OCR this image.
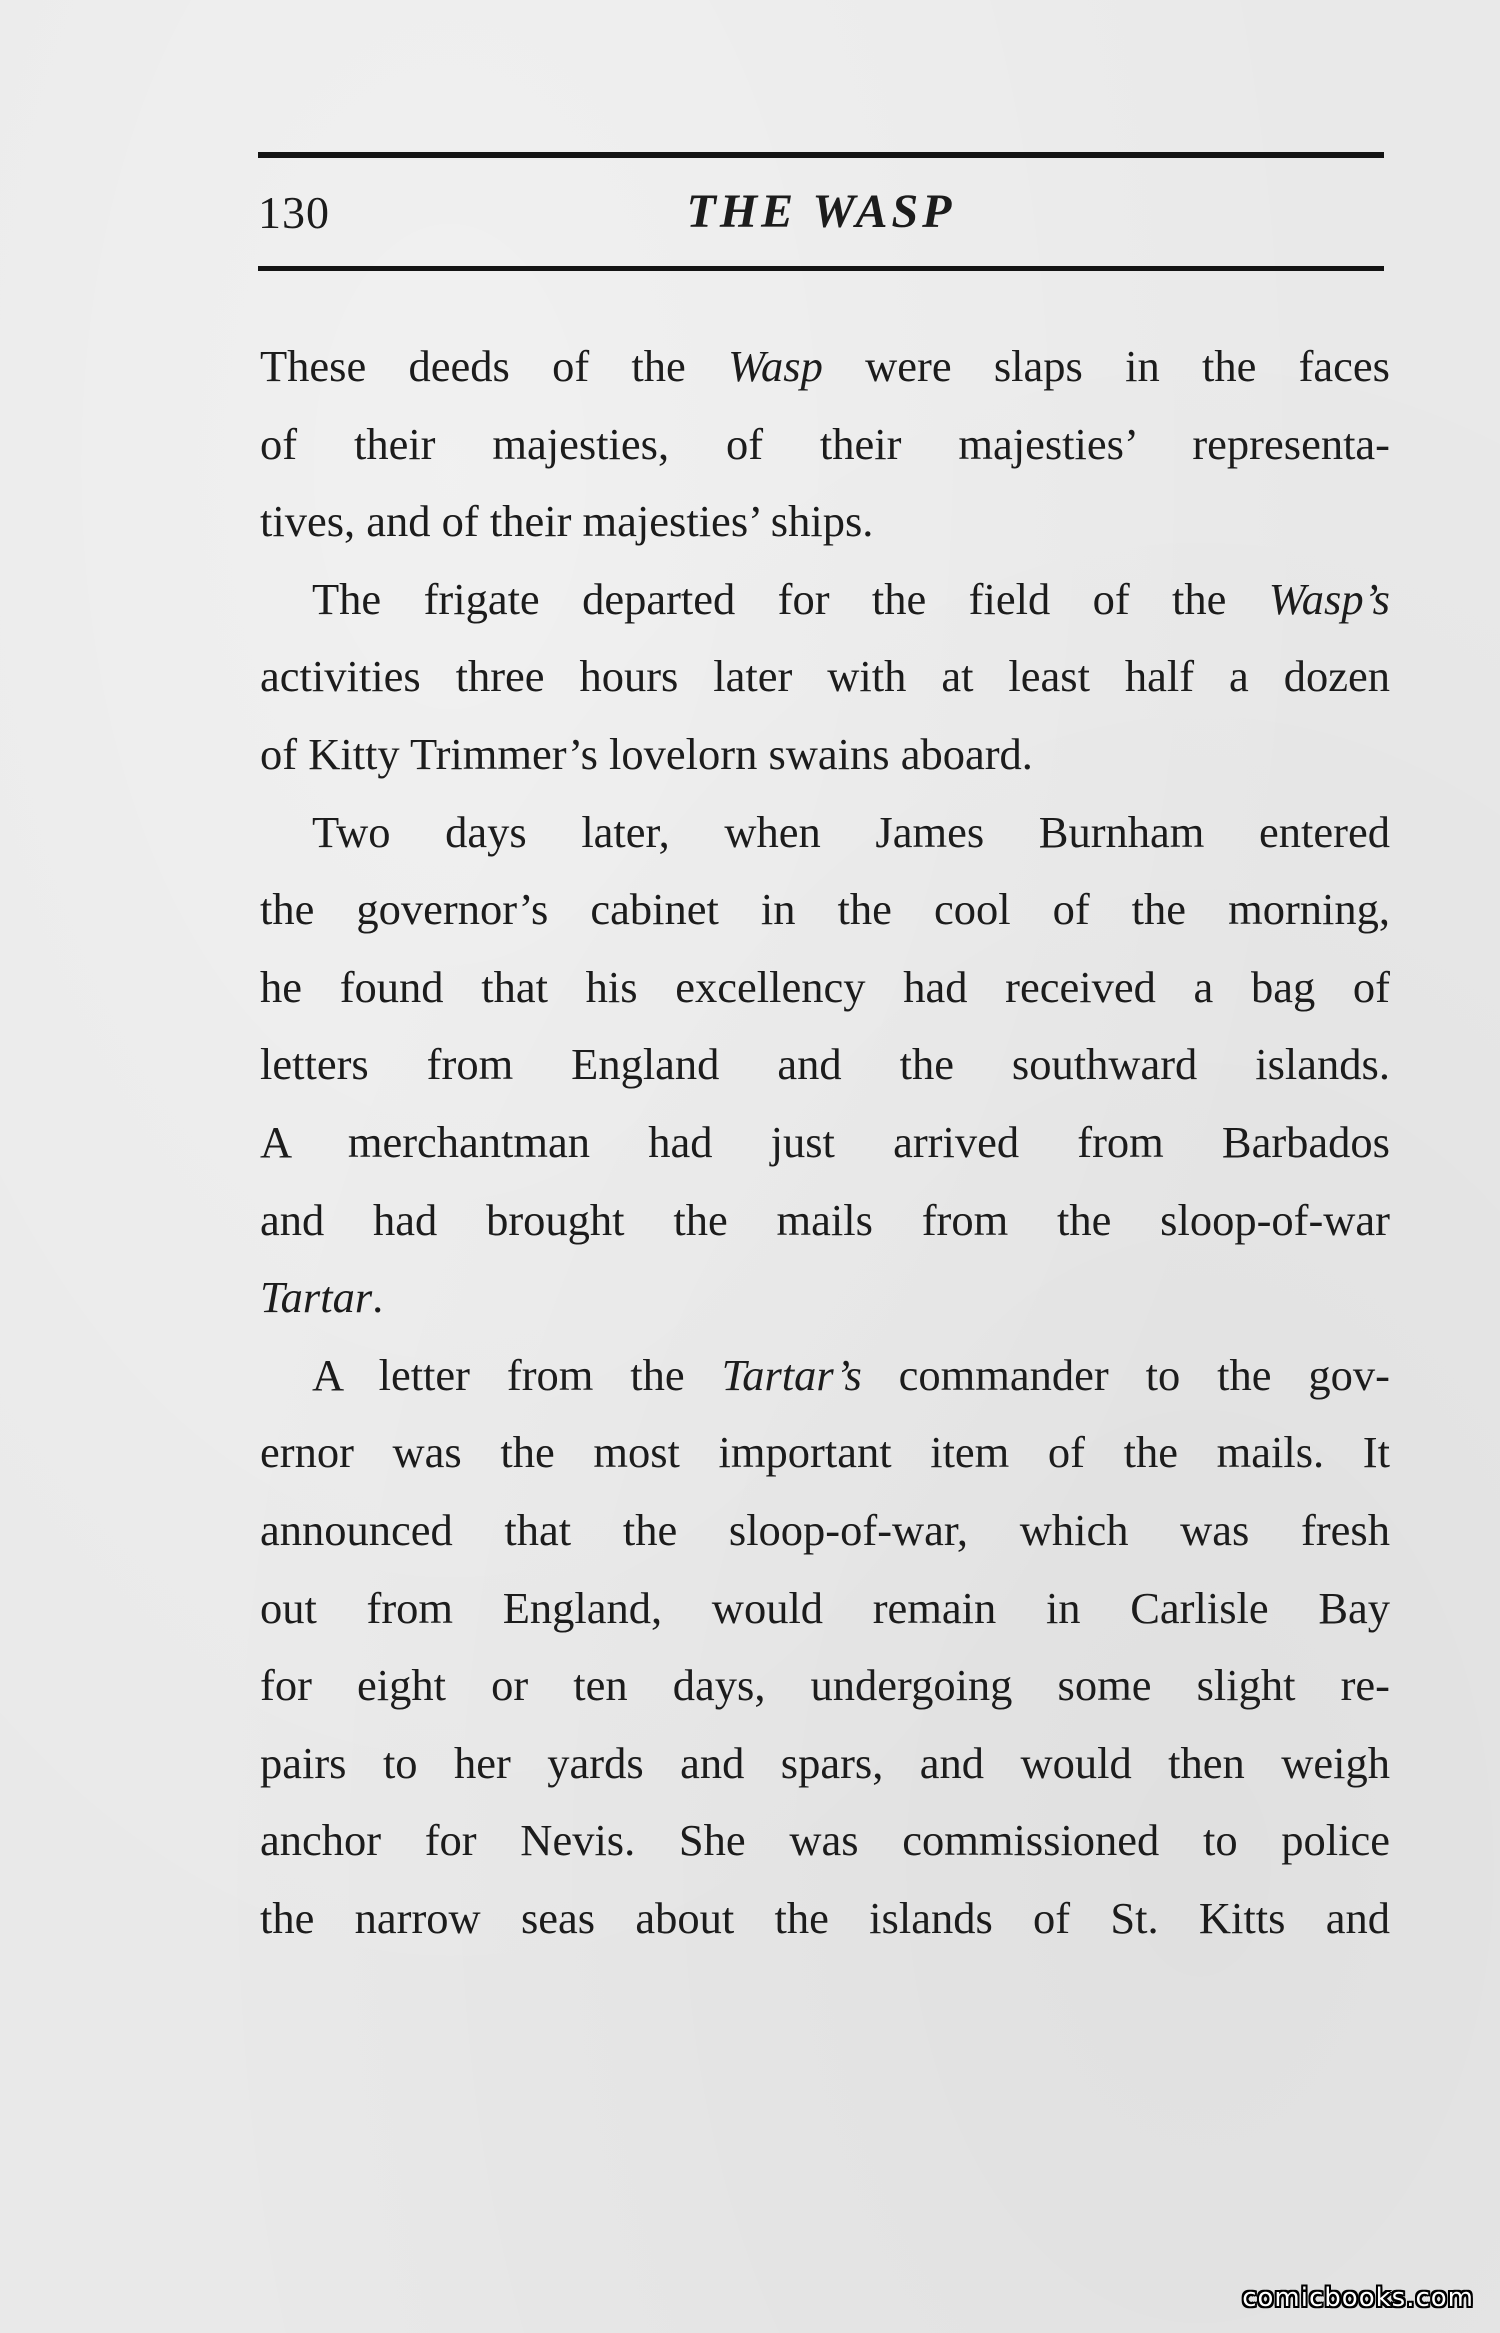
130	THE WASP
These deeds of the Wasp were slaps in the faces
of their majesties, of their majesties’ representa-
tives, and of their majesties’ ships.
The frigate departed for the field of the Wasp’s
activities three hours later with at least half a dozen
of Kitty Trimmer’s lovelorn swains aboard.
Two days later, when James Burnham entered
the governor’s cabinet in the cool of the morning,
he found that his excellency had received a bag of
letters from England and the southward islands.
A merchantman had just arrived from Barbados
and had brought the mails from the sloop-of-war
Tartar.
A letter from the Tartar’s commander to the gov-
ernor was the most important item of the mails. It
announced that the sloop-of-war, which was fresh
out from England, would remain in Carlisle Bay
for eight or ten days, undergoing some slight re-
pairs to her yards and spars, and would then weigh
anchor for Nevis. She was commissioned to police
the narrow seas about the islands of St. Kitts and
comicbooks.com
